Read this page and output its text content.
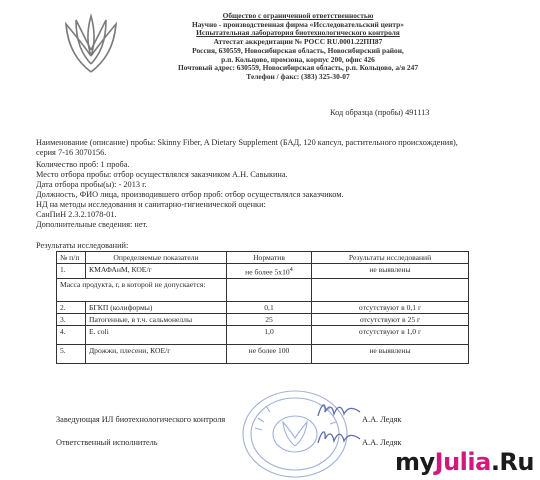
Общество с ограниченной ответственностью
Научно - производственная фирма «Исследовательский центр»
Испытательная лаборатория биотехнологического контроля
Аттестат аккредитации № РОСС RU.0001.22ПП87
Россия, 630559, Новосибирская область, Новосибирский район,
р.п. Кольцово, промзона, корпус 200, офис 426
Почтовый адрес: 630559, Новосибирская область, р.п. Кольцово, а/я 247
Телефон / факс: (383) 325-30-07
Код образца (пробы) 491113
Наименование (описание) пробы: Skinny Fiber, A Dietary Supplement (БАД, 120 капсул, растительного происхождения), серия 7-16 3070156.
Количество проб: 1 проба.
Место отбора пробы: отбор осуществлялся заказчиком А.Н. Савыкина.
Дата отбора пробы(ы): - 2013 г.
Должность, ФИО лица, производившего отбор проб: отбор осуществлялся заказчиком.
НД на методы исследования и санитарно-гигиенической оценки:
СанПиН 2.3.2.1078-01.
Дополнительные сведения: нет.
Результаты исследований:
№ п/п	Определяемые показатели	Норматив	Результаты исследований
1.	КМАФАнМ, КОЕ/г	не более $5x10^4$	не выявлены
Масса продукта, г, в которой не допускается:			
2.	БГКП (колиформы)	0,1	отсутствуют в 0,1 г
3.	Патогенные, в т.ч. сальмонеллы	25	отсутствуют в 25 г
4.	E. coli	1,0	отсутствуют в 1,0 г
5.	Дрожжи, плесени, КОЕ/г	не более 100	не выявлены
Заведующая ИЛ биотехнологического контроля	А.А. Ледяк
Ответственный исполнитель	А.А. Ледяк
myJulia.Ru
